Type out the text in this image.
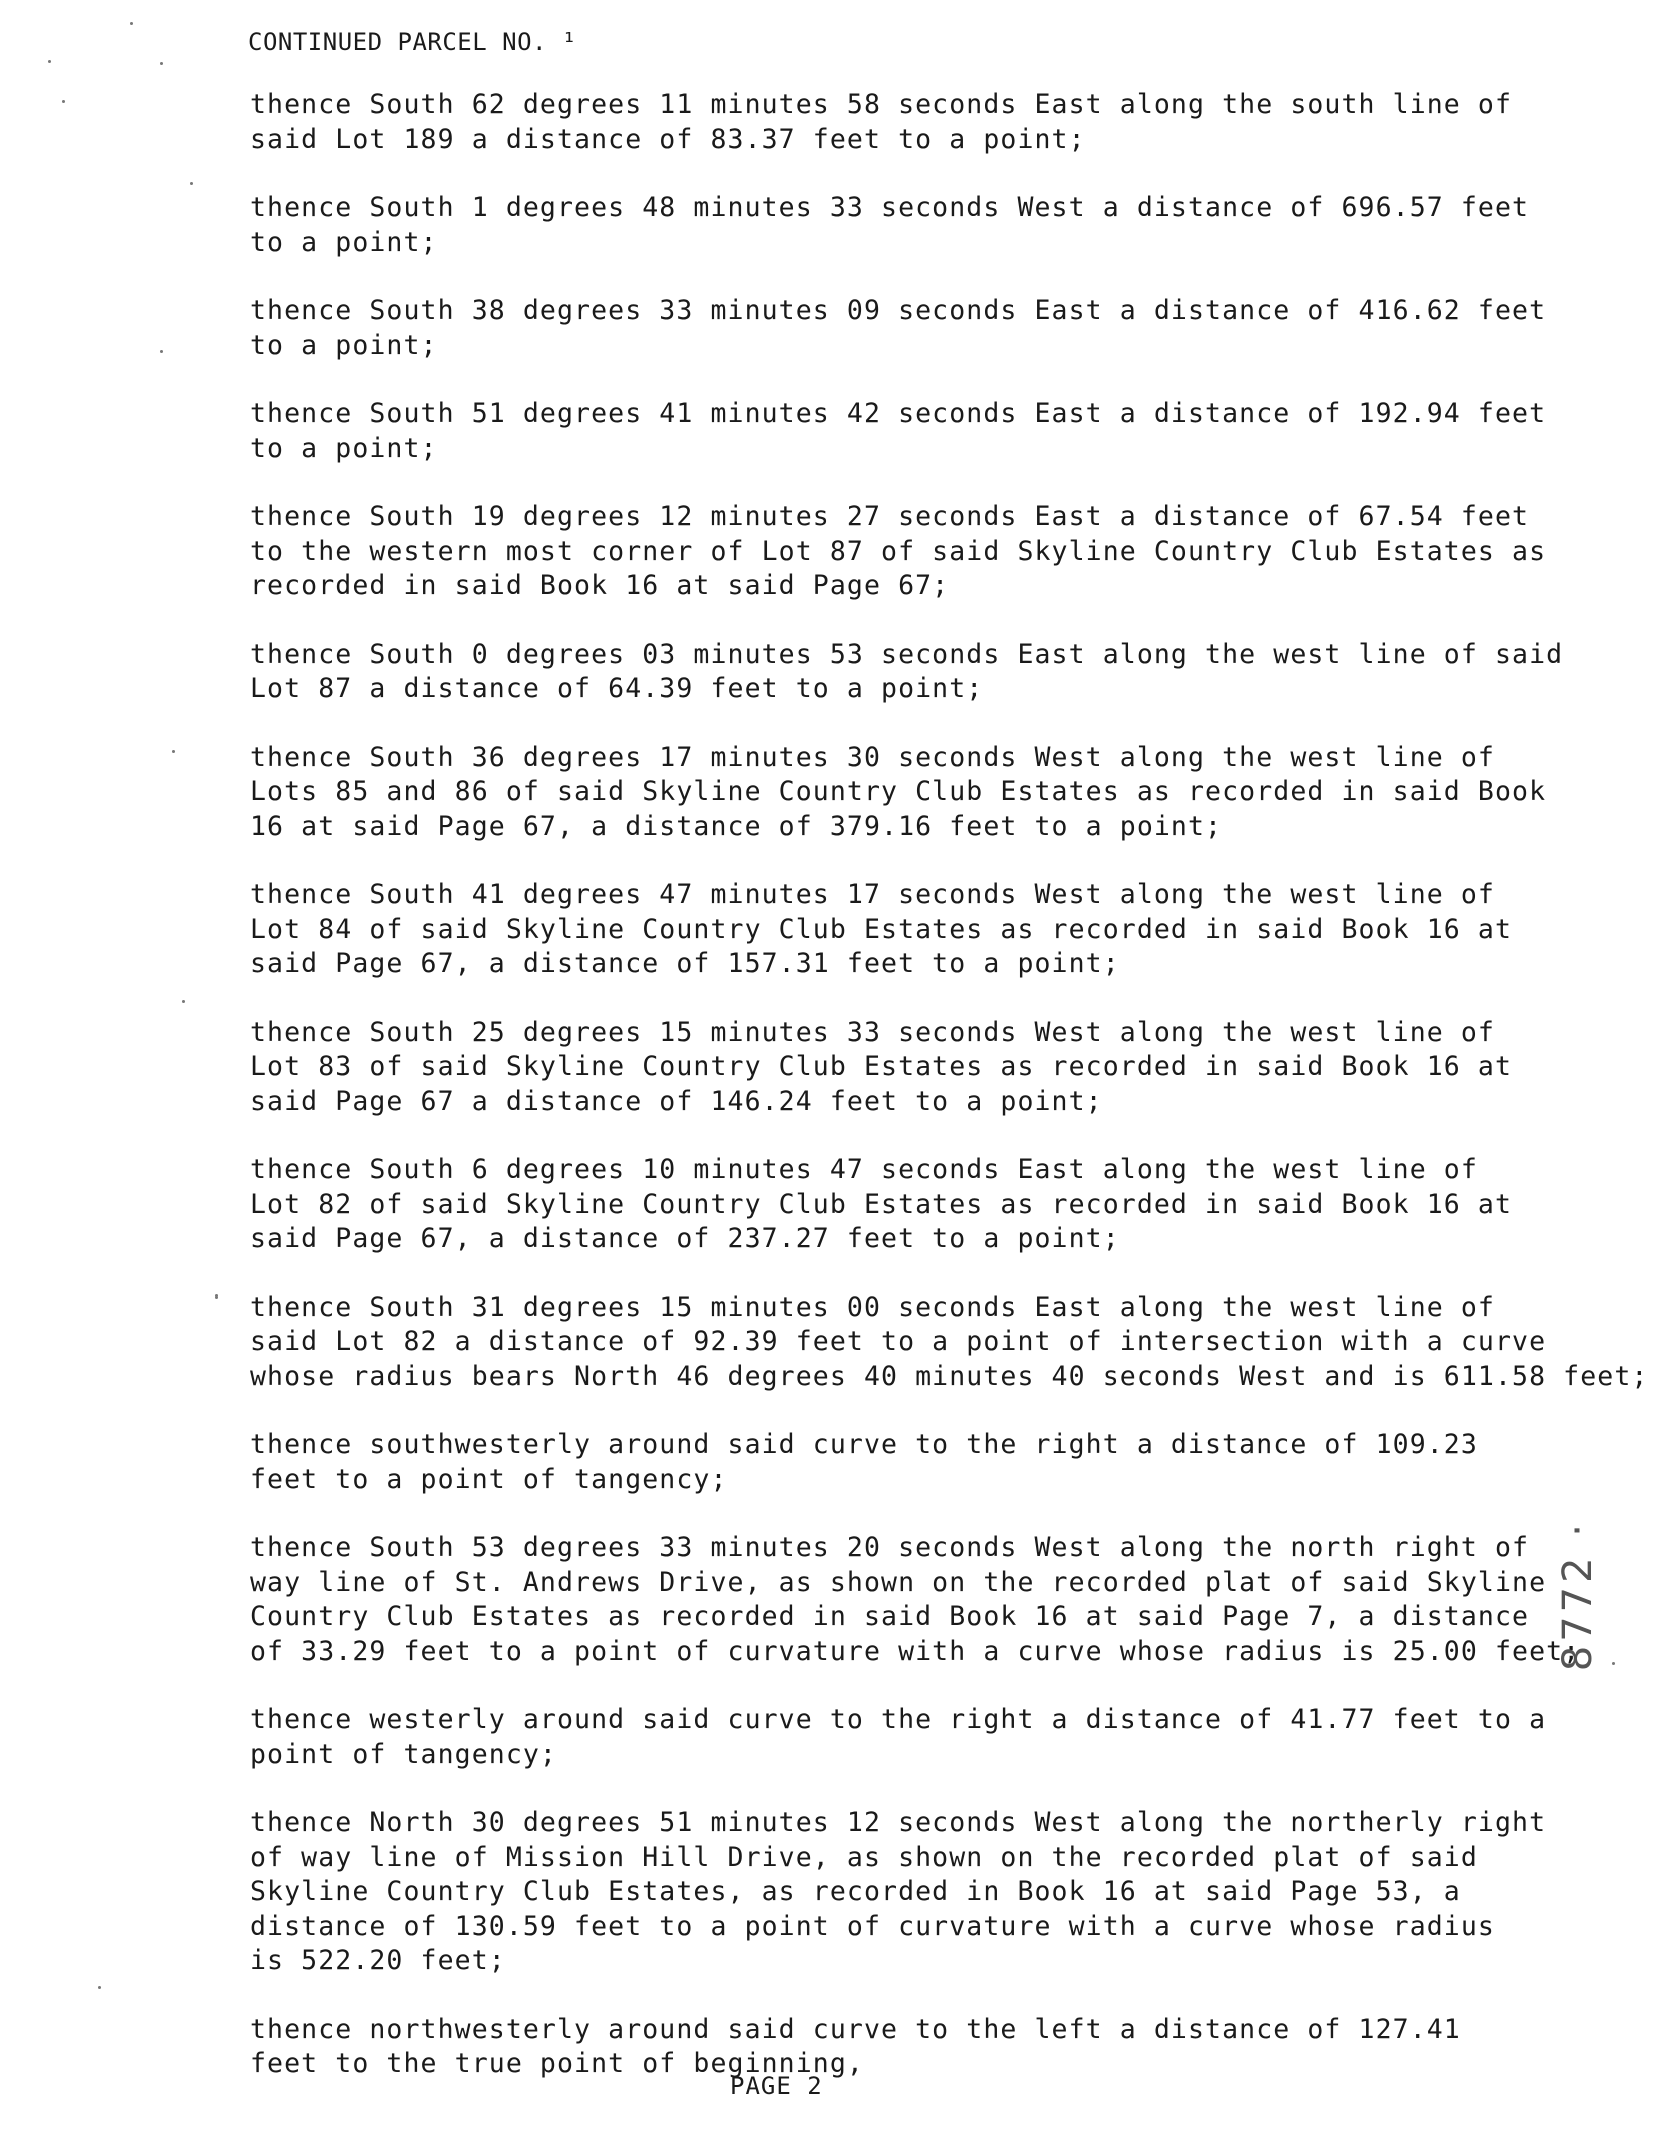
CONTINUED PARCEL NO. ¹
thence South 62 degrees 11 minutes 58 seconds East along the south line of
said Lot 189 a distance of 83.37 feet to a point;
thence South 1 degrees 48 minutes 33 seconds West a distance of 696.57 feet
to a point;
thence South 38 degrees 33 minutes 09 seconds East a distance of 416.62 feet
to a point;
thence South 51 degrees 41 minutes 42 seconds East a distance of 192.94 feet
to a point;
thence South 19 degrees 12 minutes 27 seconds East a distance of 67.54 feet
to the western most corner of Lot 87 of said Skyline Country Club Estates as
recorded in said Book 16 at said Page 67;
thence South 0 degrees 03 minutes 53 seconds East along the west line of said
Lot 87 a distance of 64.39 feet to a point;
thence South 36 degrees 17 minutes 30 seconds West along the west line of
Lots 85 and 86 of said Skyline Country Club Estates as recorded in said Book
16 at said Page 67, a distance of 379.16 feet to a point;
thence South 41 degrees 47 minutes 17 seconds West along the west line of
Lot 84 of said Skyline Country Club Estates as recorded in said Book 16 at
said Page 67, a distance of 157.31 feet to a point;
thence South 25 degrees 15 minutes 33 seconds West along the west line of
Lot 83 of said Skyline Country Club Estates as recorded in said Book 16 at
said Page 67 a distance of 146.24 feet to a point;
thence South 6 degrees 10 minutes 47 seconds East along the west line of
Lot 82 of said Skyline Country Club Estates as recorded in said Book 16 at
said Page 67, a distance of 237.27 feet to a point;
thence South 31 degrees 15 minutes 00 seconds East along the west line of
said Lot 82 a distance of 92.39 feet to a point of intersection with a curve
whose radius bears North 46 degrees 40 minutes 40 seconds West and is 611.58 feet;
thence southwesterly around said curve to the right a distance of 109.23
feet to a point of tangency;
thence South 53 degrees 33 minutes 20 seconds West along the north right of
way line of St. Andrews Drive, as shown on the recorded plat of said Skyline
Country Club Estates as recorded in said Book 16 at said Page 7, a distance
of 33.29 feet to a point of curvature with a curve whose radius is 25.00 feet;
thence westerly around said curve to the right a distance of 41.77 feet to a
point of tangency;
thence North 30 degrees 51 minutes 12 seconds West along the northerly right
of way line of Mission Hill Drive, as shown on the recorded plat of said
Skyline Country Club Estates, as recorded in Book 16 at said Page 53, a
distance of 130.59 feet to a point of curvature with a curve whose radius
is 522.20 feet;
thence northwesterly around said curve to the left a distance of 127.41
feet to the true point of beginning,
PAGE 2
8772 ·
